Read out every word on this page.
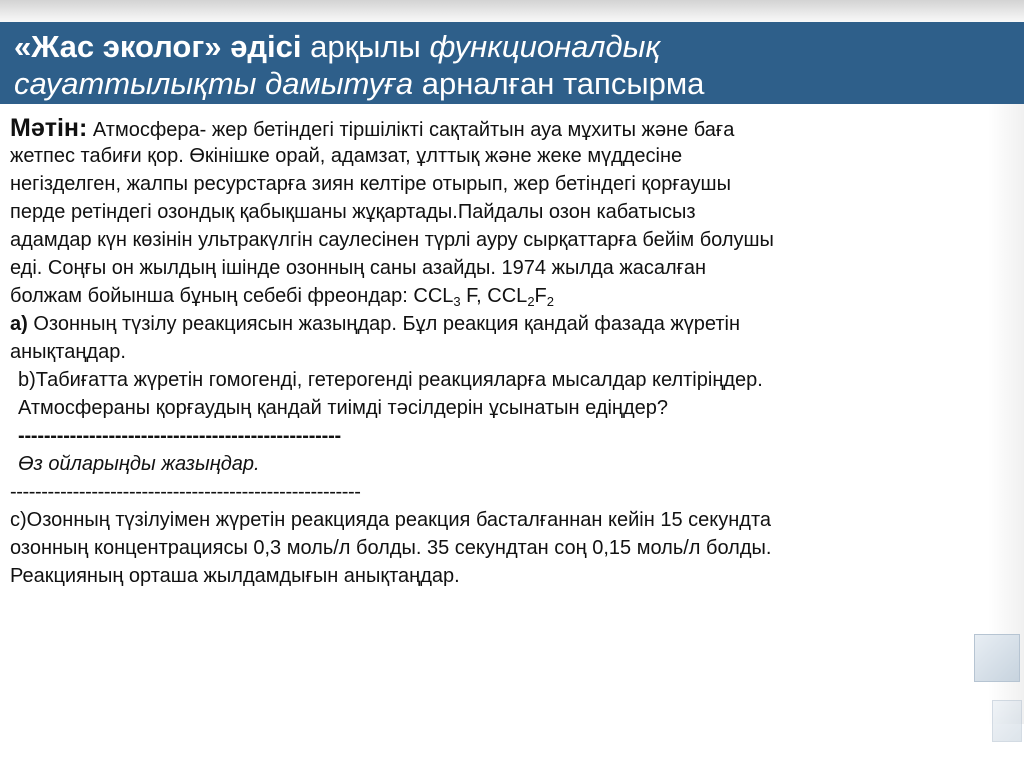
«Жас эколог» әдісі арқылы функционалдық
сауаттылықты дамытуға арналған тапсырма
Мәтін: Атмосфера- жер бетіндегі тіршілікті сақтайтын ауа мұхиты және баға
жетпес табиғи қор. Өкінішке орай, адамзат, ұлттық және жеке мүддесіне
негізделген, жалпы ресурстарға зиян келтіре отырып, жер бетіндегі қорғаушы
перде ретіндегі озондық қабықшаны жұқартады.Пайдалы озон кабатысыз
адамдар күн көзінін ультракүлгін саулесінен түрлі ауру сырқаттарға бейім болушы
еді. Соңғы он жылдың ішінде озонның саны азайды. 1974 жылда жасалған
болжам бойынша бұның себебі фреондар: $CCL_3$ F, $CCL_2F_2$
а) Озонның түзілу реакциясын жазыңдар. Бұл реакция қандай фазада жүретін
анықтаңдар.
b)Табиғатта жүретін гомогенді, гетерогенді реакцияларға мысалдар келтіріңдер.
Атмосфераны қорғаудың қандай тиімді тәсілдерін ұсынатын едіңдер?
--------------------------------------------------
Өз ойларыңды жазыңдар.
--------------------------------------------------------
с)Озонның түзілуімен жүретін реакцияда реакция басталғаннан кейін 15 секундта
озонның концентрациясы 0,3 моль/л болды. 35 секундтан соң 0,15 моль/л болды.
Реакцияның орташа жылдамдығын анықтаңдар.
